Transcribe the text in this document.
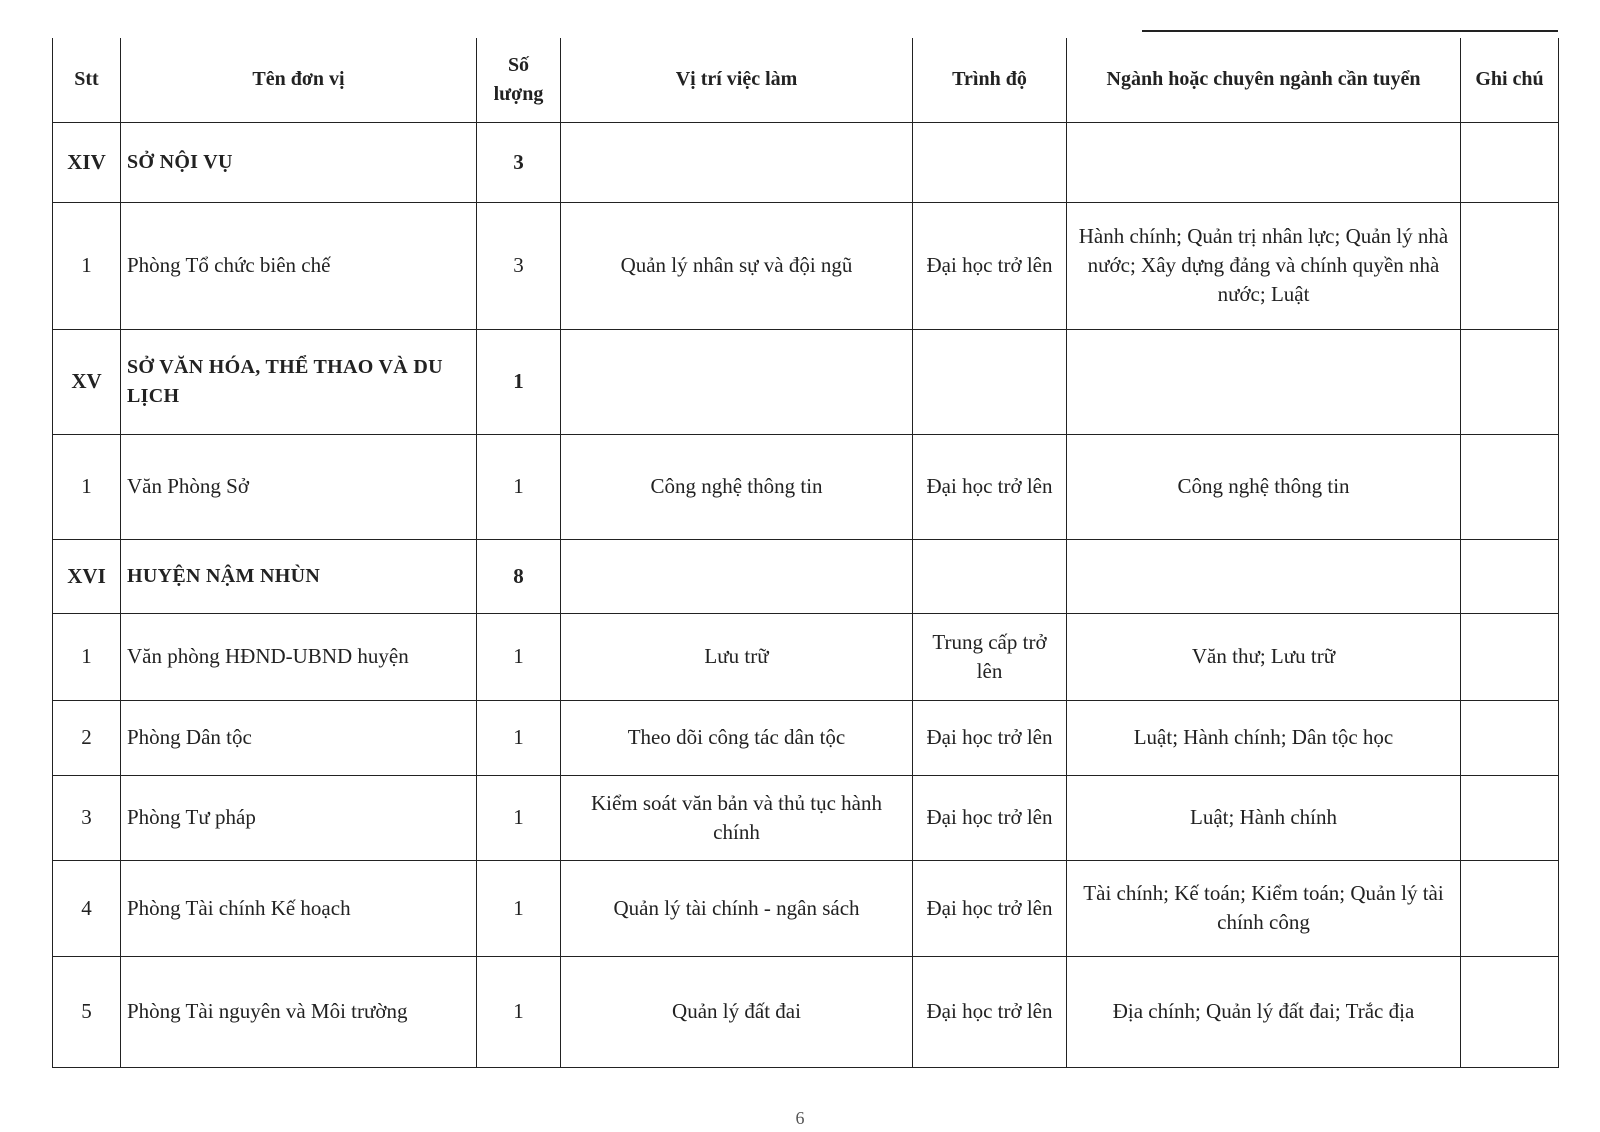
Stt	Tên đơn vị	Số lượng	Vị trí việc làm	Trình độ	Ngành hoặc chuyên ngành cần tuyển	Ghi chú
XIV	SỞ NỘI VỤ	3				
1	Phòng Tổ chức biên chế	3	Quản lý nhân sự và đội ngũ	Đại học trở lên	Hành chính; Quản trị nhân lực; Quản lý nhà nước; Xây dựng đảng và chính quyền nhà nước; Luật	
XV	SỞ VĂN HÓA, THỂ THAO VÀ DU LỊCH	1				
1	Văn Phòng Sở	1	Công nghệ thông tin	Đại học trở lên	Công nghệ thông tin	
XVI	HUYỆN NẬM NHÙN	8				
1	Văn phòng HĐND-UBND huyện	1	Lưu trữ	Trung cấp trở lên	Văn thư; Lưu trữ	
2	Phòng Dân tộc	1	Theo dõi công tác dân tộc	Đại học trở lên	Luật; Hành chính; Dân tộc học	
3	Phòng Tư pháp	1	Kiểm soát văn bản và thủ tục hành chính	Đại học trở lên	Luật; Hành chính	
4	Phòng Tài chính Kế hoạch	1	Quản lý tài chính - ngân sách	Đại học trở lên	Tài chính; Kế toán; Kiểm toán; Quản lý tài chính công	
5	Phòng Tài nguyên và Môi trường	1	Quản lý đất đai	Đại học trở lên	Địa chính; Quản lý đất đai; Trắc địa	
6
